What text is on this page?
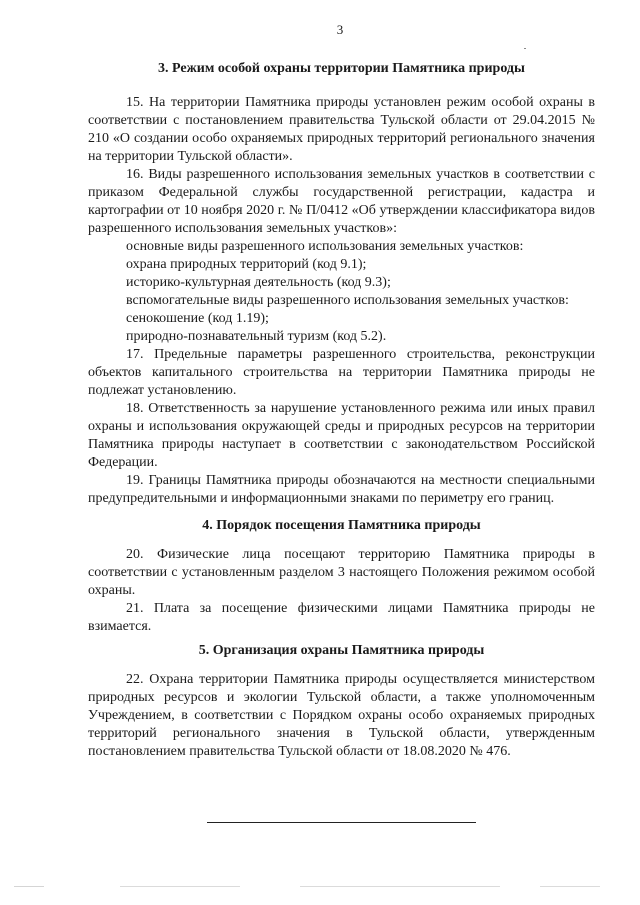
3
3. Режим особой охраны территории Памятника природы

15. На территории Памятника природы установлен режим особой охраны в соответствии с постановлением правительства Тульской области от 29.04.2015 № 210 «О создании особо охраняемых природных территорий регионального значения на территории Тульской области».

16. Виды разрешенного использования земельных участков в соответствии с приказом Федеральной службы государственной регистрации, кадастра и картографии от 10 ноября 2020 г. № П/0412 «Об утверждении классификатора видов разрешенного использования земельных участков»:

основные виды разрешенного использования земельных участков:

охрана природных территорий (код 9.1);

историко-культурная деятельность (код 9.3);

вспомогательные виды разрешенного использования земельных участков:

сенокошение (код 1.19);

природно-познавательный туризм (код 5.2).

17. Предельные параметры разрешенного строительства, реконструкции объектов капитального строительства на территории Памятника природы не подлежат установлению.

18. Ответственность за нарушение установленного режима или иных правил охраны и использования окружающей среды и природных ресурсов на территории Памятника природы наступает в соответствии с законодательством Российской Федерации.

19. Границы Памятника природы обозначаются на местности специальными предупредительными и информационными знаками по периметру его границ.

4. Порядок посещения Памятника природы

20. Физические лица посещают территорию Памятника природы в соответствии с установленным разделом 3 настоящего Положения режимом особой охраны.

21. Плата за посещение физическими лицами Памятника природы не взимается.

5. Организация охраны Памятника природы

22. Охрана территории Памятника природы осуществляется министерством природных ресурсов и экологии Тульской области, а также уполномоченным Учреждением, в соответствии с Порядком охраны особо охраняемых природных территорий регионального значения в Тульской области, утвержденным постановлением правительства Тульской области от 18.08.2020 № 476.
